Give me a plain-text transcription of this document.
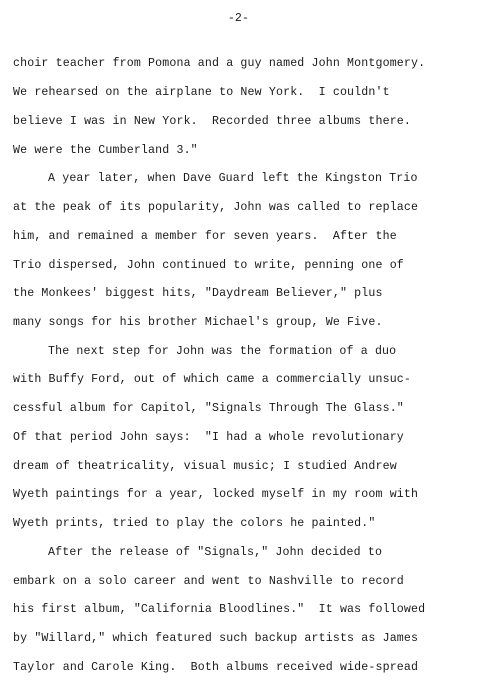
-2-
choir teacher from Pomona and a guy named John Montgomery.
We rehearsed on the airplane to New York.  I couldn't
believe I was in New York.  Recorded three albums there.
We were the Cumberland 3."
A year later, when Dave Guard left the Kingston Trio
at the peak of its popularity, John was called to replace
him, and remained a member for seven years.  After the
Trio dispersed, John continued to write, penning one of
the Monkees' biggest hits, "Daydream Believer," plus
many songs for his brother Michael's group, We Five.
The next step for John was the formation of a duo
with Buffy Ford, out of which came a commercially unsuc-
cessful album for Capitol, "Signals Through The Glass."
Of that period John says:  "I had a whole revolutionary
dream of theatricality, visual music; I studied Andrew
Wyeth paintings for a year, locked myself in my room with
Wyeth prints, tried to play the colors he painted."
After the release of "Signals," John decided to
embark on a solo career and went to Nashville to record
his first album, "California Bloodlines."  It was followed
by "Willard," which featured such backup artists as James
Taylor and Carole King.  Both albums received wide-spread
